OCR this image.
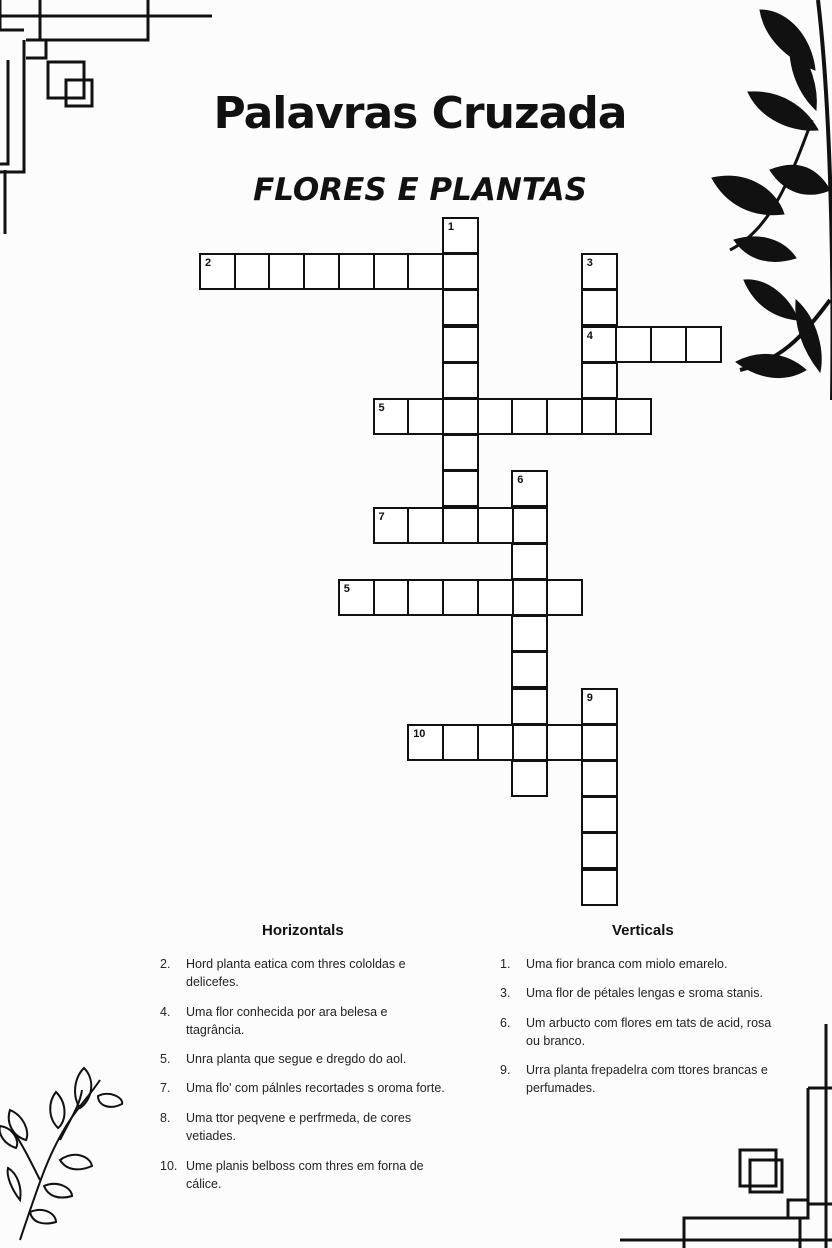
Palavras Cruzada
FLORES E PLANTAS
1
2	3
4
5
6
7
5
9
10
Horizontals
2. Hord planta eatica com thres cololdas e delicefes.
4. Uma flor conhecida por ara belesa e ttagrância.
5. Unra planta que segue e dregdo do aol.
7. Uma flo' com pálnles recortades s oroma forte.
8. Uma ttor peqvene e perfrmeda, de cores vetiades.
10. Ume planis belboss com thres em forna de cálice.
Verticals
1. Uma fior branca com miolo emarelo.
3. Uma flor de pétales lengas e sroma stanis.
6. Um arbucto com flores em tats de acid, rosa ou branco.
9. Urra planta frepadelra com ttores brancas e perfumades.
